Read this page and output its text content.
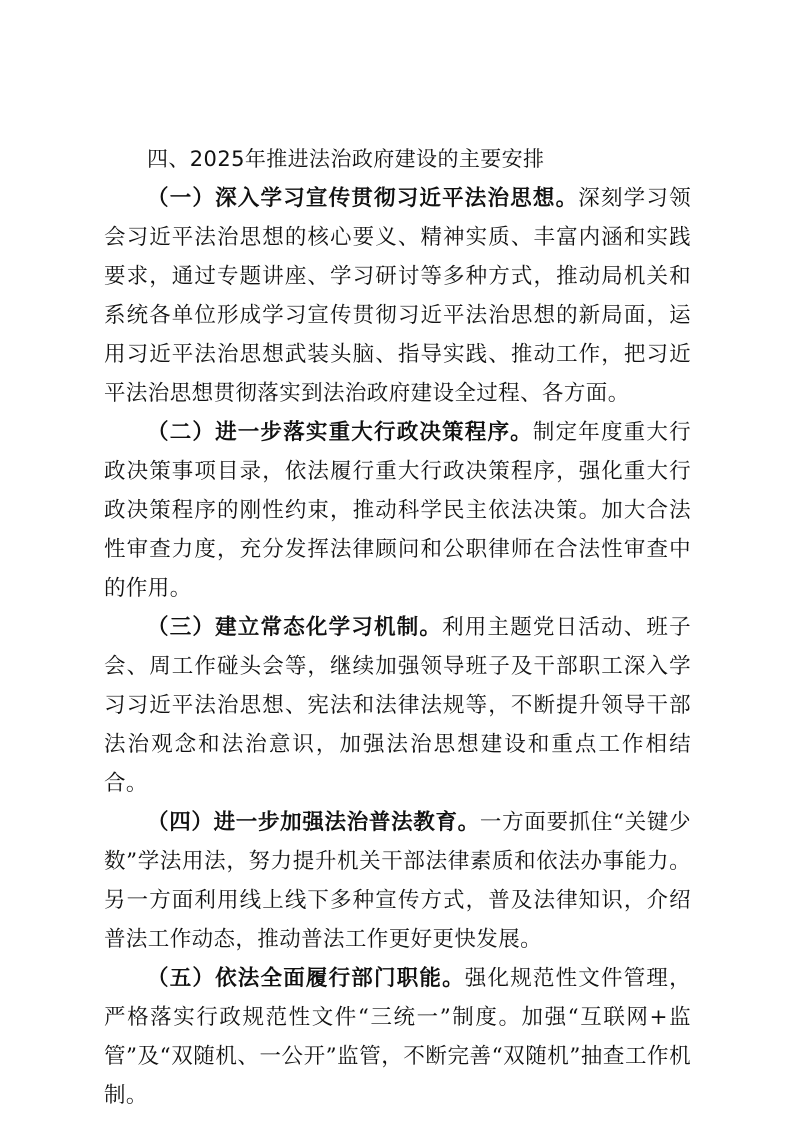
四、2025年推进法治政府建设的主要安排

（一）深入学习宣传贯彻习近平法治思想。深刻学习领会习近平法治思想的核心要义、精神实质、丰富内涵和实践要求，通过专题讲座、学习研讨等多种方式，推动局机关和系统各单位形成学习宣传贯彻习近平法治思想的新局面，运用习近平法治思想武装头脑、指导实践、推动工作，把习近平法治思想贯彻落实到法治政府建设全过程、各方面。

（二）进一步落实重大行政决策程序。制定年度重大行政决策事项目录，依法履行重大行政决策程序，强化重大行政决策程序的刚性约束，推动科学民主依法决策。加大合法性审查力度，充分发挥法律顾问和公职律师在合法性审查中的作用。

（三）建立常态化学习机制。利用主题党日活动、班子会、周工作碰头会等，继续加强领导班子及干部职工深入学习习近平法治思想、宪法和法律法规等，不断提升领导干部法治观念和法治意识，加强法治思想建设和重点工作相结合。

（四）进一步加强法治普法教育。一方面要抓住“关键少数”学法用法，努力提升机关干部法律素质和依法办事能力。另一方面利用线上线下多种宣传方式，普及法律知识，介绍普法工作动态，推动普法工作更好更快发展。

（五）依法全面履行部门职能。强化规范性文件管理，严格落实行政规范性文件“三统一”制度。加强“互联网+监管”及“双随机、一公开”监管，不断完善“双随机”抽查工作机制。
